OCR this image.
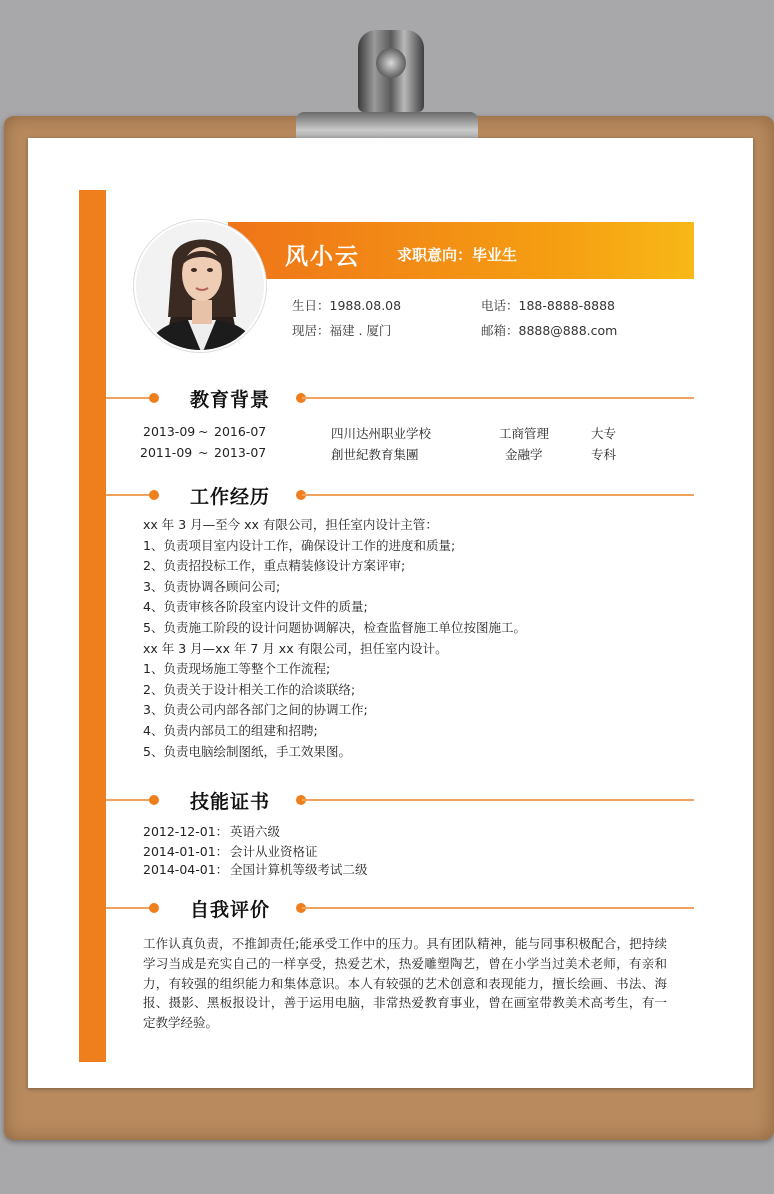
风小云 求职意向：毕业生
生日：1988.08.08	电话：188-8888-8888
现居：福建 . 厦门	邮箱：8888@888.com
教育背景
2013-09 ~ 2016-07	四川达州职业学校	工商管理	大专
2011-09 ~ 2013-07	創世紀教育集團	金融学	专科
工作经历
xx 年 3 月—至今 xx 有限公司，担任室内设计主管：
1、负责项目室内设计工作，确保设计工作的进度和质量;
2、负责招投标工作，重点精装修设计方案评审;
3、负责协调各顾问公司;
4、负责审核各阶段室内设计文件的质量;
5、负责施工阶段的设计问题协调解决，检查监督施工单位按图施工。
xx 年 3 月—xx 年 7 月 xx 有限公司，担任室内设计。
1、负责现场施工等整个工作流程;
2、负责关于设计相关工作的洽谈联络;
3、负责公司内部各部门之间的协调工作;
4、负责内部员工的组建和招聘;
5、负责电脑绘制图纸，手工效果图。
技能证书
2012-12-01： 英语六级
2014-01-01： 会计从业资格证
2014-04-01： 全国计算机等级考试二级
自我评价
工作认真负责，不推卸责任;能承受工作中的压力。具有团队精神，能与同事积极配合，把持续学习当成是充实自己的一样享受，热爱艺术，热爱雕塑陶艺，曾在小学当过美术老师，有亲和力，有较强的组织能力和集体意识。本人有较强的艺术创意和表现能力，擅长绘画、书法、海报、摄影、黑板报设计，善于运用电脑，非常热爱教育事业，曾在画室带教美术高考生，有一定教学经验。
